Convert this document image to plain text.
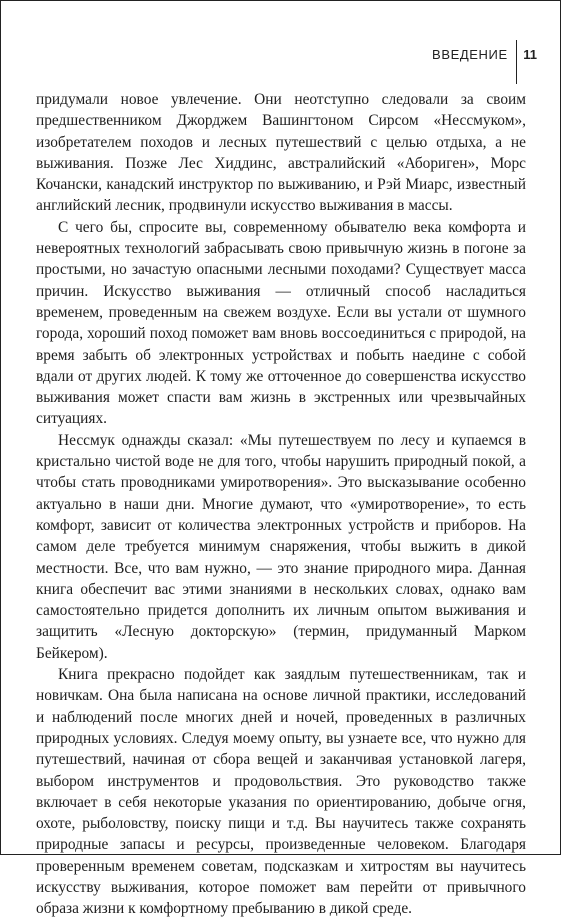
ВВЕДЕНИЕ	11

придумали новое увлечение. Они неотступно следовали за своим предшественником Джорджем Вашингтоном Сирсом «Нессмуком», изобретателем походов и лесных путешествий с целью отдыха, а не выживания. Позже Лес Хиддинс, австралийский «Абориген», Морс Кочански, канадский инструктор по выживанию, и Рэй Миарс, известный английский лесник, продвинули искусство выживания в массы.

С чего бы, спросите вы, современному обывателю века комфорта и невероятных технологий забрасывать свою привычную жизнь в погоне за простыми, но зачастую опасными лесными походами? Существует масса причин. Искусство выживания — отличный способ насладиться временем, проведенным на свежем воздухе. Если вы устали от шумного города, хороший поход поможет вам вновь воссоединиться с природой, на время забыть об электронных устройствах и побыть наедине с собой вдали от других людей. К тому же отточенное до совершенства искусство выживания может спасти вам жизнь в экстренных или чрезвычайных ситуациях.

Нессмук однажды сказал: «Мы путешествуем по лесу и купаемся в кристально чистой воде не для того, чтобы нарушить природный покой, а чтобы стать проводниками умиротворения». Это высказывание особенно актуально в наши дни. Многие думают, что «умиротворение», то есть комфорт, зависит от количества электронных устройств и приборов. На самом деле требуется минимум снаряжения, чтобы выжить в дикой местности. Все, что вам нужно, — это знание природного мира. Данная книга обеспечит вас этими знаниями в нескольких словах, однако вам самостоятельно придется дополнить их личным опытом выживания и защитить «Лесную докторскую» (термин, придуманный Марком Бейкером).

Книга прекрасно подойдет как заядлым путешественникам, так и новичкам. Она была написана на основе личной практики, исследований и наблюдений после многих дней и ночей, проведенных в различных природных условиях. Следуя моему опыту, вы узнаете все, что нужно для путешествий, начиная от сбора вещей и заканчивая установкой лагеря, выбором инструментов и продовольствия. Это руководство также включает в себя некоторые указания по ориентированию, добыче огня, охоте, рыболовству, поиску пищи и т.д. Вы научитесь также сохранять природные запасы и ресурсы, произведенные человеком. Благодаря проверенным временем советам, подсказкам и хитростям вы научитесь искусству выживания, которое поможет вам перейти от привычного образа жизни к комфортному пребыванию в дикой среде.
